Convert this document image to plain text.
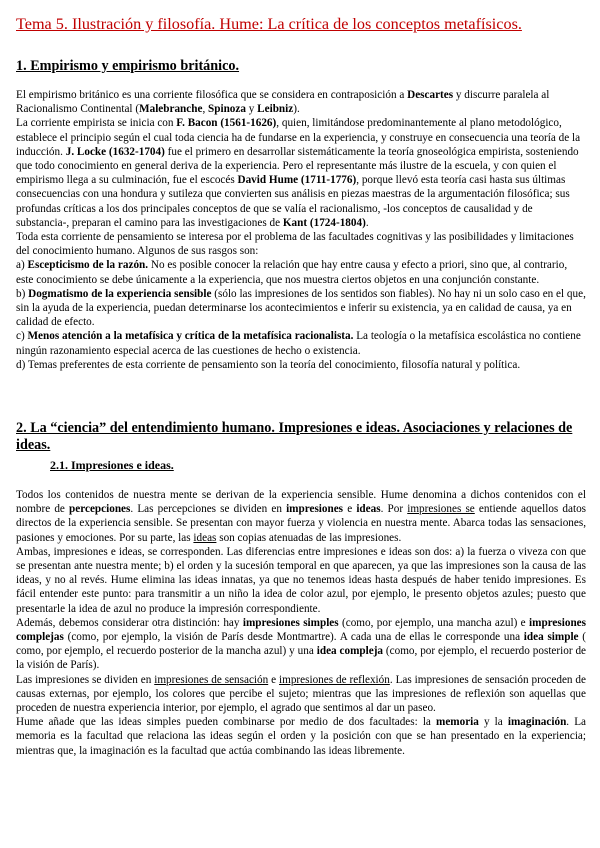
Tema 5. Ilustración y filosofía. Hume: La crítica de los conceptos metafísicos.
1. Empirismo y empirismo británico.

El empirismo británico es una corriente filosófica que se considera en contraposición a Descartes y discurre paralela al Racionalismo Continental (Malebranche, Spinoza y Leibniz).

La corriente empirista se inicia con F. Bacon (1561-1626), quien, limitándose predominantemente al plano metodológico, establece el principio según el cual toda ciencia ha de fundarse en la experiencia, y construye en consecuencia una teoría de la inducción. J. Locke (1632-1704) fue el primero en desarrollar sistemáticamente la teoría gnoseológica empirista, sosteniendo que todo conocimiento en general deriva de la experiencia. Pero el representante más ilustre de la escuela, y con quien el empirismo llega a su culminación, fue el escocés David Hume (1711-1776), porque llevó esta teoría casi hasta sus últimas consecuencias con una hondura y sutileza que convierten sus análisis en piezas maestras de la argumentación filosófica; sus profundas críticas a los dos principales conceptos de que se valía el racionalismo, -los conceptos de causalidad y de substancia-, preparan el camino para las investigaciones de Kant (1724-1804).

Toda esta corriente de pensamiento se interesa por el problema de las facultades cognitivas y las posibilidades y limitaciones del conocimiento humano. Algunos de sus rasgos son:

a) Escepticismo de la razón. No es posible conocer la relación que hay entre causa y efecto a priori, sino que, al contrario, este conocimiento se debe únicamente a la experiencia, que nos muestra ciertos objetos en una conjunción constante.

b) Dogmatismo de la experiencia sensible (sólo las impresiones de los sentidos son fiables). No hay ni un solo caso en el que, sin la ayuda de la experiencia, puedan determinarse los acontecimientos e inferir su existencia, ya en calidad de causa, ya en calidad de efecto.

c) Menos atención a la metafísica y crítica de la metafísica racionalista. La teología o la metafísica escolástica no contiene ningún razonamiento especial acerca de las cuestiones de hecho o existencia.

d) Temas preferentes de esta corriente de pensamiento son la teoría del conocimiento, filosofía natural y política.

2. La “ciencia” del entendimiento humano. Impresiones e ideas. Asociaciones y relaciones de ideas.
2.1. Impresiones e ideas.

Todos los contenidos de nuestra mente se derivan de la experiencia sensible. Hume denomina a dichos contenidos con el nombre de percepciones. Las percepciones se dividen en impresiones e ideas. Por impresiones se entiende aquellos datos directos de la experiencia sensible. Se presentan con mayor fuerza y violencia en nuestra mente. Abarca todas las sensaciones, pasiones y emociones. Por su parte, las ideas son copias atenuadas de las impresiones.

Ambas, impresiones e ideas, se corresponden. Las diferencias entre impresiones e ideas son dos: a) la fuerza o viveza con que se presentan ante nuestra mente; b) el orden y la sucesión temporal en que aparecen, ya que las impresiones son la causa de las ideas, y no al revés. Hume elimina las ideas innatas, ya que no tenemos ideas hasta después de haber tenido impresiones. Es fácil entender este punto: para transmitir a un niño la idea de color azul, por ejemplo, le presento objetos azules; puesto que presentarle la idea de azul no produce la impresión correspondiente.

Además, debemos considerar otra distinción: hay impresiones simples (como, por ejemplo, una mancha azul) e impresiones complejas (como, por ejemplo, la visión de París desde Montmartre). A cada una de ellas le corresponde una idea simple ( como, por ejemplo, el recuerdo posterior de la mancha azul) y una idea compleja (como, por ejemplo, el recuerdo posterior de la visión de París).

Las impresiones se dividen en impresiones de sensación e impresiones de reflexión. Las impresiones de sensación proceden de causas externas, por ejemplo, los colores que percibe el sujeto; mientras que las impresiones de reflexión son aquellas que proceden de nuestra experiencia interior, por ejemplo, el agrado que sentimos al dar un paseo.

Hume añade que las ideas simples pueden combinarse por medio de dos facultades: la memoria y la imaginación. La memoria es la facultad que relaciona las ideas según el orden y la posición con que se han presentado en la experiencia; mientras que, la imaginación es la facultad que actúa combinando las ideas libremente.
